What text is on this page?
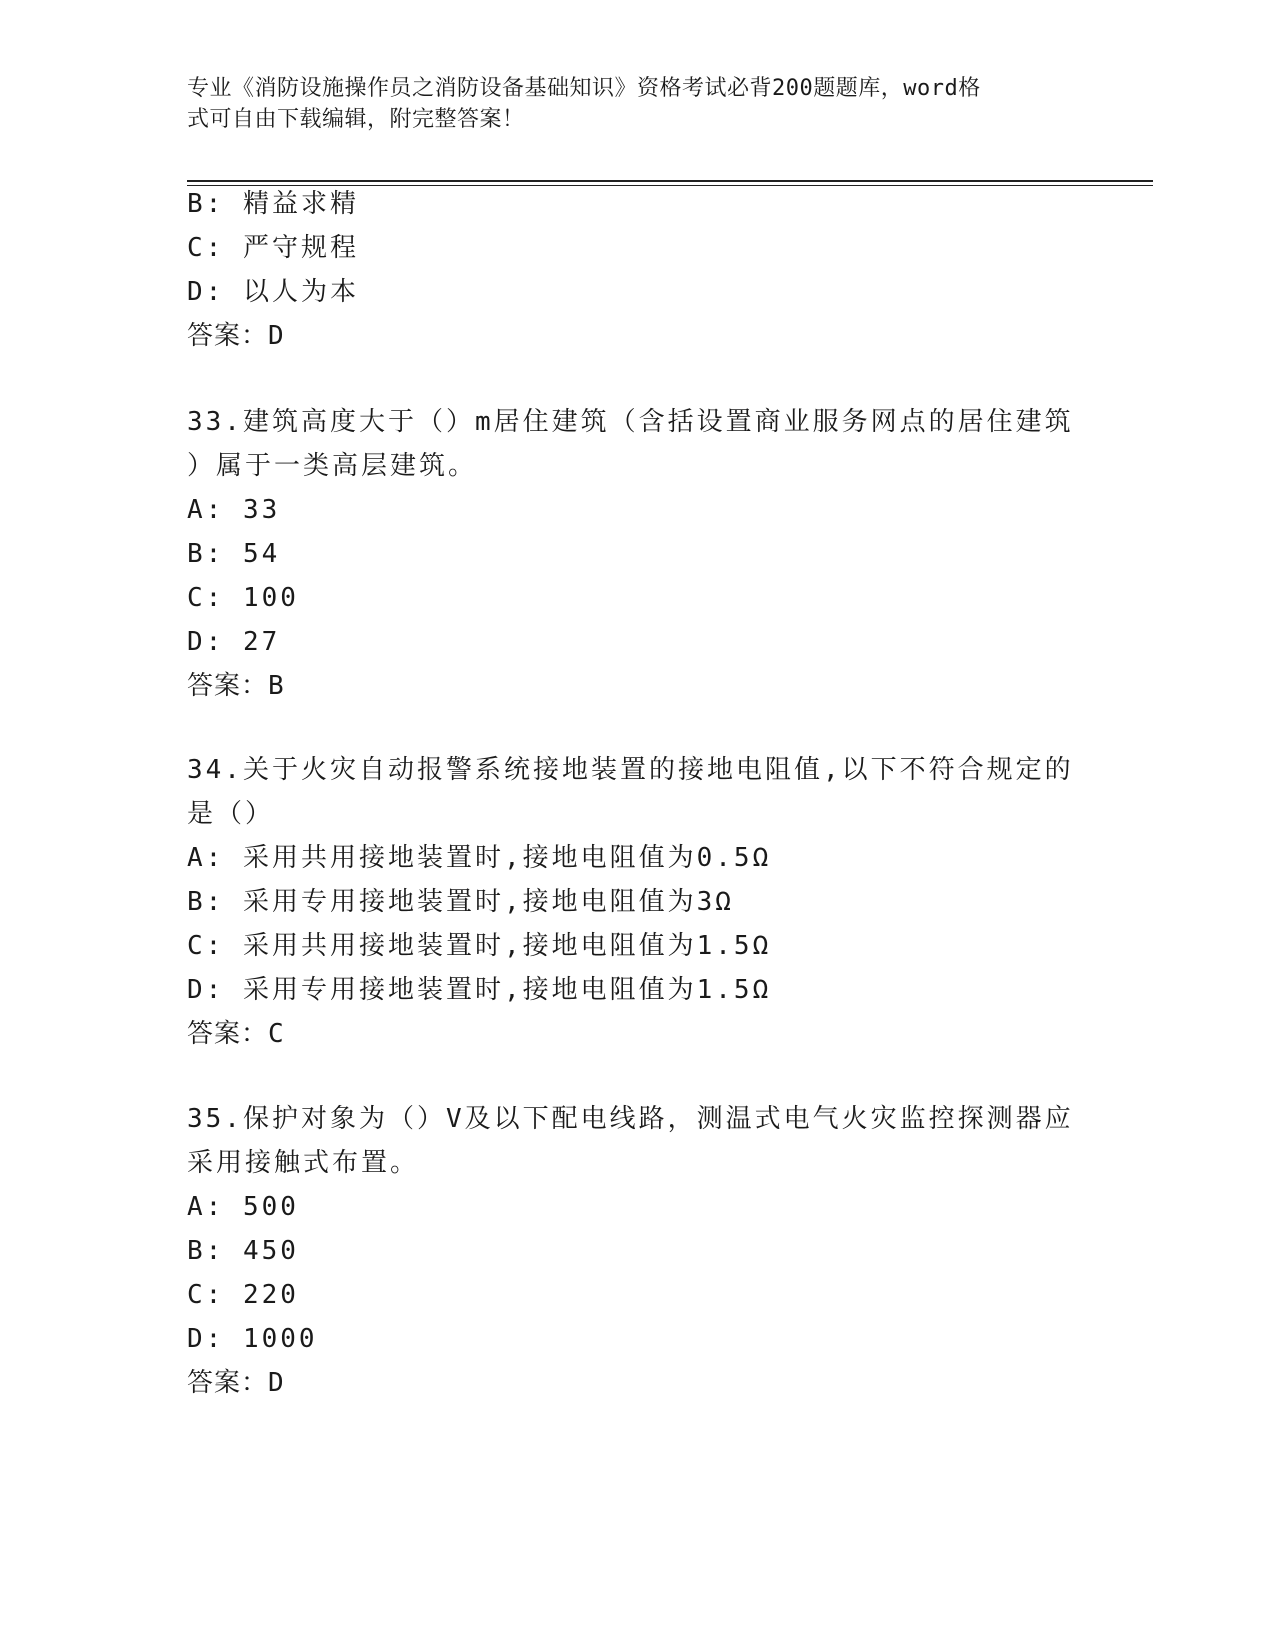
专业《消防设施操作员之消防设备基础知识》资格考试必背200题题库，word格
式可自由下载编辑，附完整答案！
B: 精益求精
C: 严守规程
D: 以人为本
答案：D
33.建筑高度大于（）m居住建筑（含括设置商业服务网点的居住建筑
）属于一类高层建筑。
A: 33
B: 54
C: 100
D: 27
答案：B
34.关于火灾自动报警系统接地装置的接地电阻值,以下不符合规定的
是（）
A: 采用共用接地装置时,接地电阻值为0.5Ω
B: 采用专用接地装置时,接地电阻值为3Ω
C: 采用共用接地装置时,接地电阻值为1.5Ω
D: 采用专用接地装置时,接地电阻值为1.5Ω
答案：C
35.保护对象为（）V及以下配电线路，测温式电气火灾监控探测器应
采用接触式布置。
A: 500
B: 450
C: 220
D: 1000
答案：D
